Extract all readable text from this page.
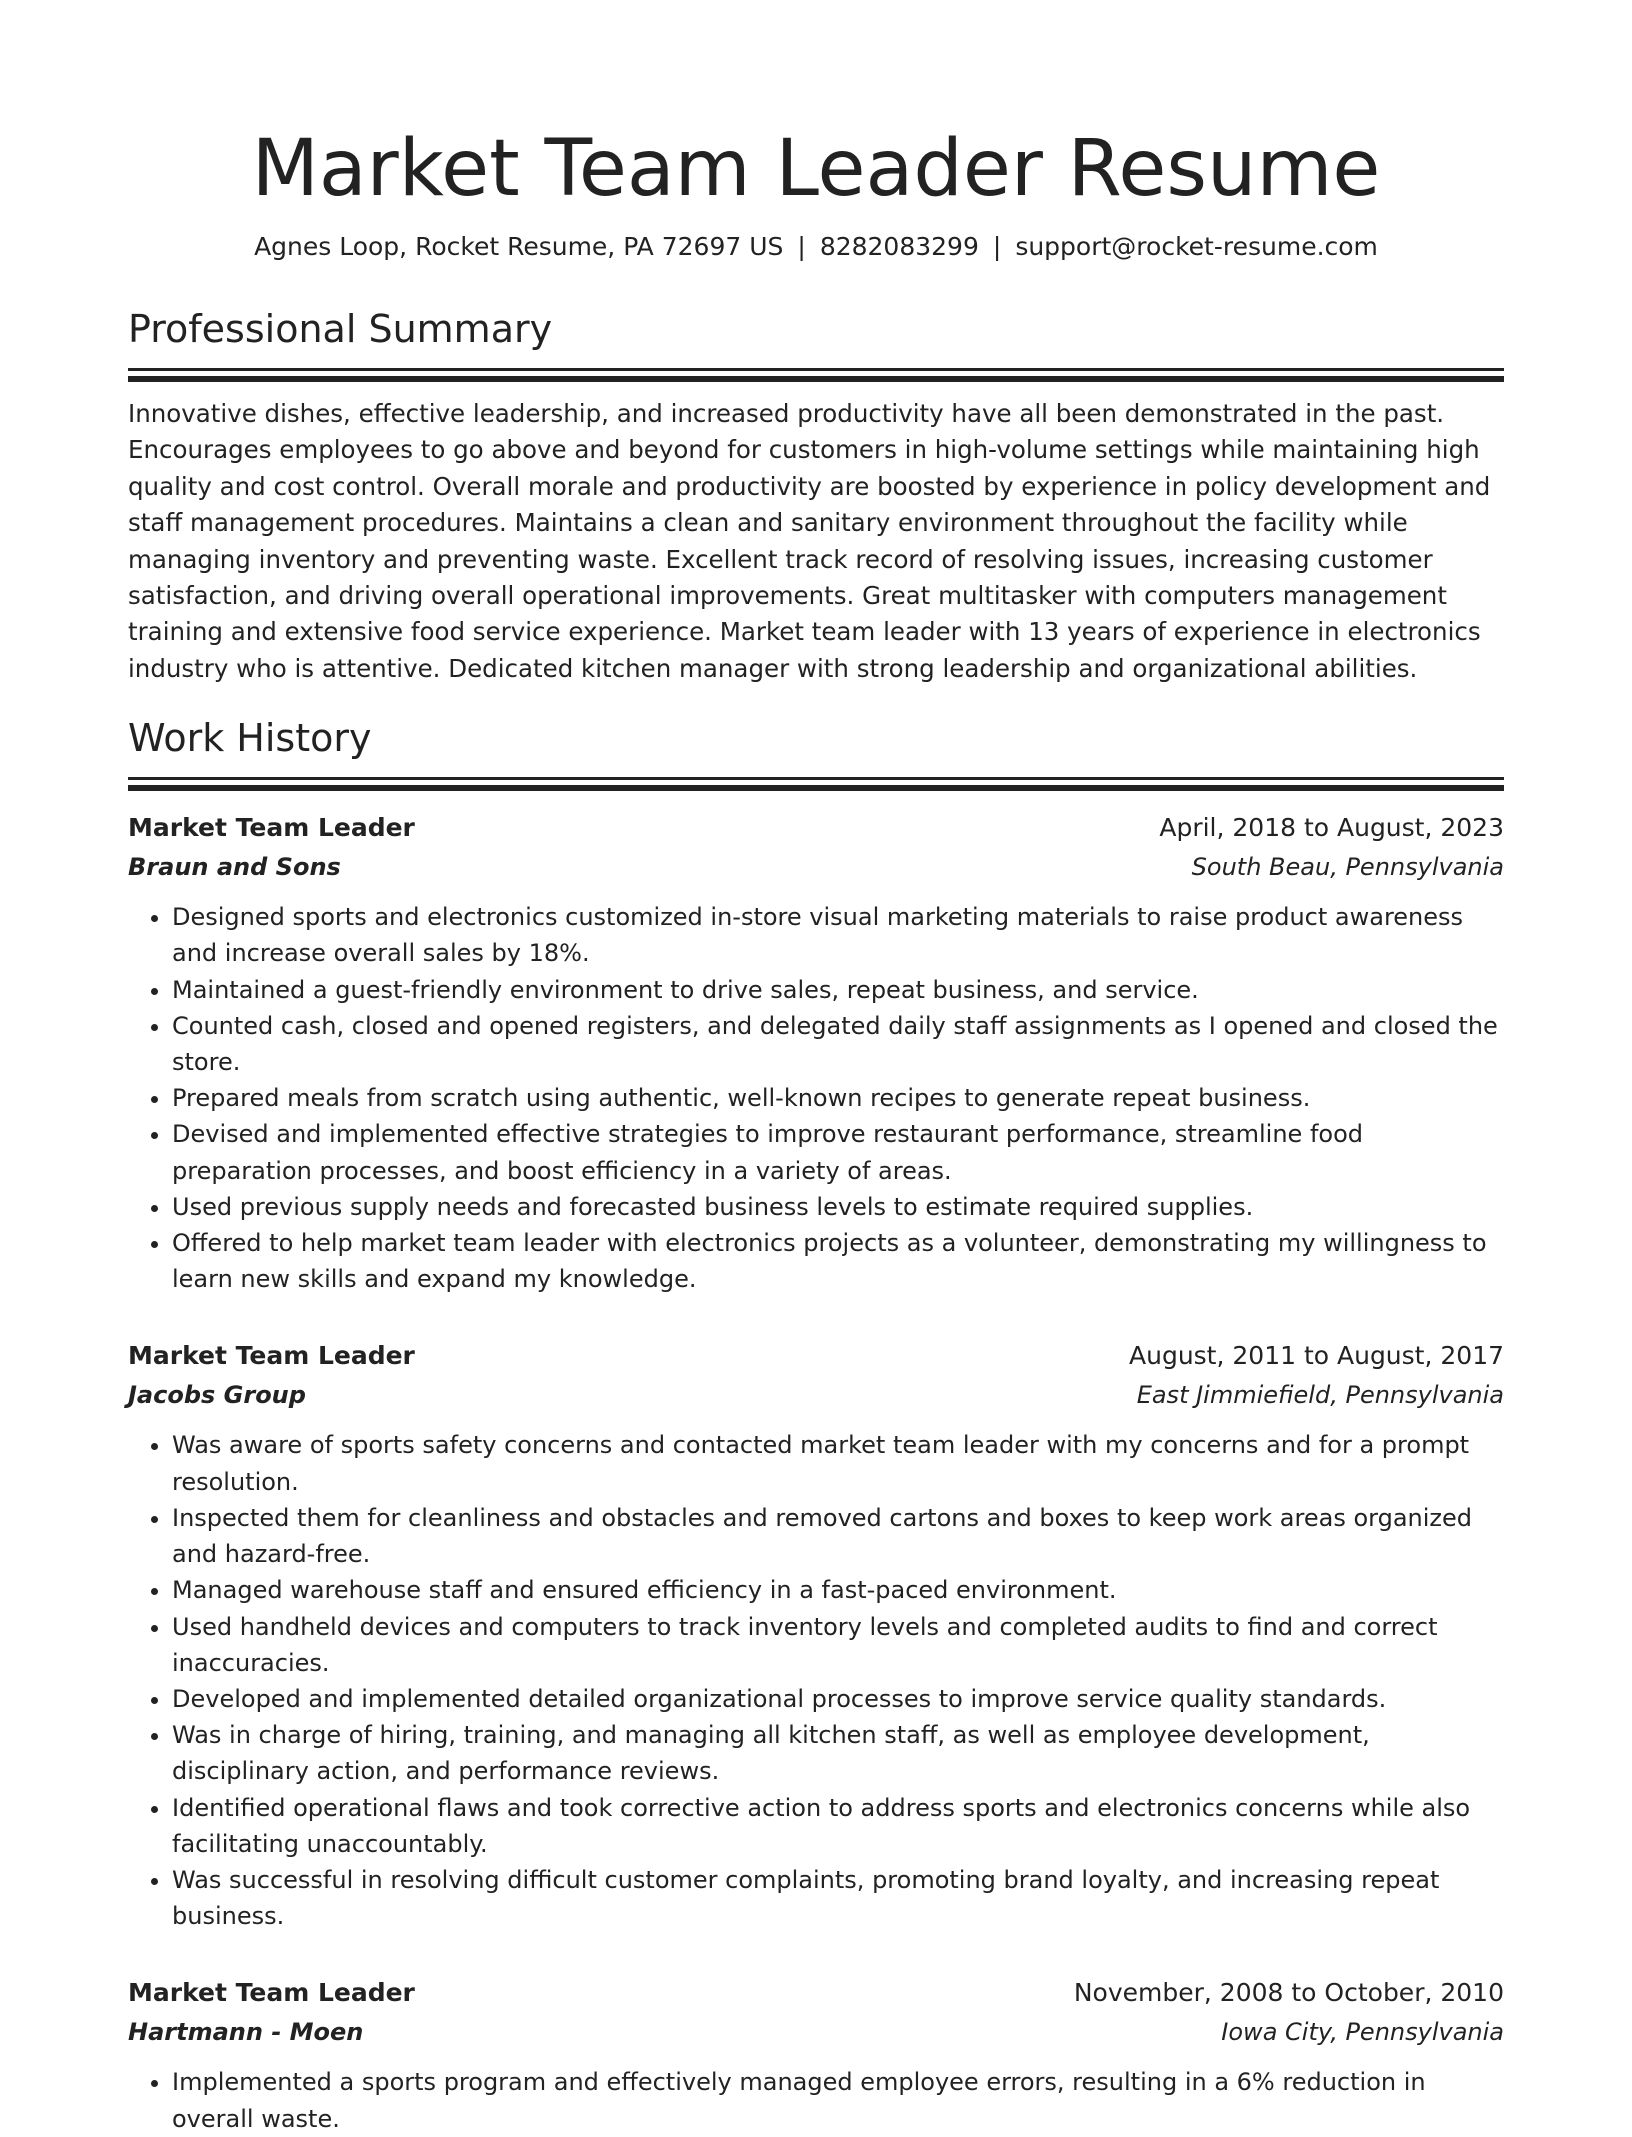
Market Team Leader Resume
Agnes Loop, Rocket Resume, PA 72697 US | 8282083299 | support@rocket-resume.com
Professional Summary

Innovative dishes, effective leadership, and increased productivity have all been demonstrated in the past. Encourages employees to go above and beyond for customers in high-volume settings while maintaining high quality and cost control. Overall morale and productivity are boosted by experience in policy development and staff management procedures. Maintains a clean and sanitary environment throughout the facility while managing inventory and preventing waste. Excellent track record of resolving issues, increasing customer satisfaction, and driving overall operational improvements. Great multitasker with computers management training and extensive food service experience. Market team leader with 13 years of experience in electronics industry who is attentive. Dedicated kitchen manager with strong leadership and organizational abilities.

Work History
Market Team Leader	April, 2018 to August, 2023
Braun and Sons	South Beau, Pennsylvania
• Designed sports and electronics customized in-store visual marketing materials to raise product awareness and increase overall sales by 18%.
• Maintained a guest-friendly environment to drive sales, repeat business, and service.
• Counted cash, closed and opened registers, and delegated daily staff assignments as I opened and closed the store.
• Prepared meals from scratch using authentic, well-known recipes to generate repeat business.
• Devised and implemented effective strategies to improve restaurant performance, streamline food preparation processes, and boost efficiency in a variety of areas.
• Used previous supply needs and forecasted business levels to estimate required supplies.
• Offered to help market team leader with electronics projects as a volunteer, demonstrating my willingness to learn new skills and expand my knowledge.
Market Team Leader	August, 2011 to August, 2017
Jacobs Group	East Jimmiefield, Pennsylvania
• Was aware of sports safety concerns and contacted market team leader with my concerns and for a prompt resolution.
• Inspected them for cleanliness and obstacles and removed cartons and boxes to keep work areas organized and hazard-free.
• Managed warehouse staff and ensured efficiency in a fast-paced environment.
• Used handheld devices and computers to track inventory levels and completed audits to find and correct inaccuracies.
• Developed and implemented detailed organizational processes to improve service quality standards.
• Was in charge of hiring, training, and managing all kitchen staff, as well as employee development, disciplinary action, and performance reviews.
• Identified operational flaws and took corrective action to address sports and electronics concerns while also facilitating unaccountably.
• Was successful in resolving difficult customer complaints, promoting brand loyalty, and increasing repeat business.
Market Team Leader	November, 2008 to October, 2010
Hartmann - Moen	Iowa City, Pennsylvania
• Implemented a sports program and effectively managed employee errors, resulting in a 6% reduction in overall waste.
